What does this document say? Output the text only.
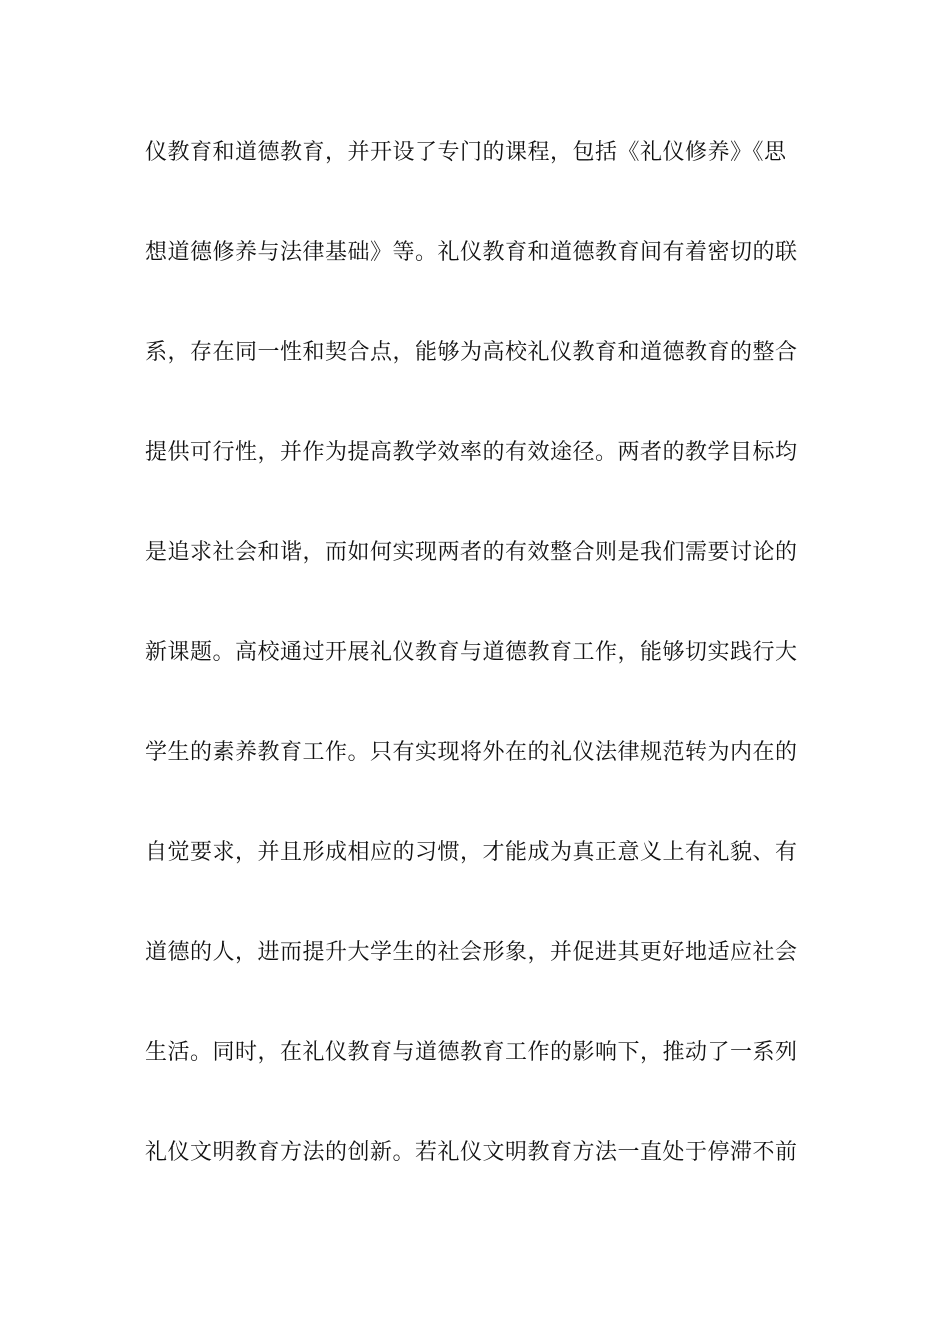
仪教育和道德教育，并开设了专门的课程，包括《礼仪修养》《思
想道德修养与法律基础》等。礼仪教育和道德教育间有着密切的联
系，存在同一性和契合点，能够为高校礼仪教育和道德教育的整合
提供可行性，并作为提高教学效率的有效途径。两者的教学目标均
是追求社会和谐，而如何实现两者的有效整合则是我们需要讨论的
新课题。高校通过开展礼仪教育与道德教育工作，能够切实践行大
学生的素养教育工作。只有实现将外在的礼仪法律规范转为内在的
自觉要求，并且形成相应的习惯，才能成为真正意义上有礼貌、有
道德的人，进而提升大学生的社会形象，并促进其更好地适应社会
生活。同时，在礼仪教育与道德教育工作的影响下，推动了一系列
礼仪文明教育方法的创新。若礼仪文明教育方法一直处于停滞不前
